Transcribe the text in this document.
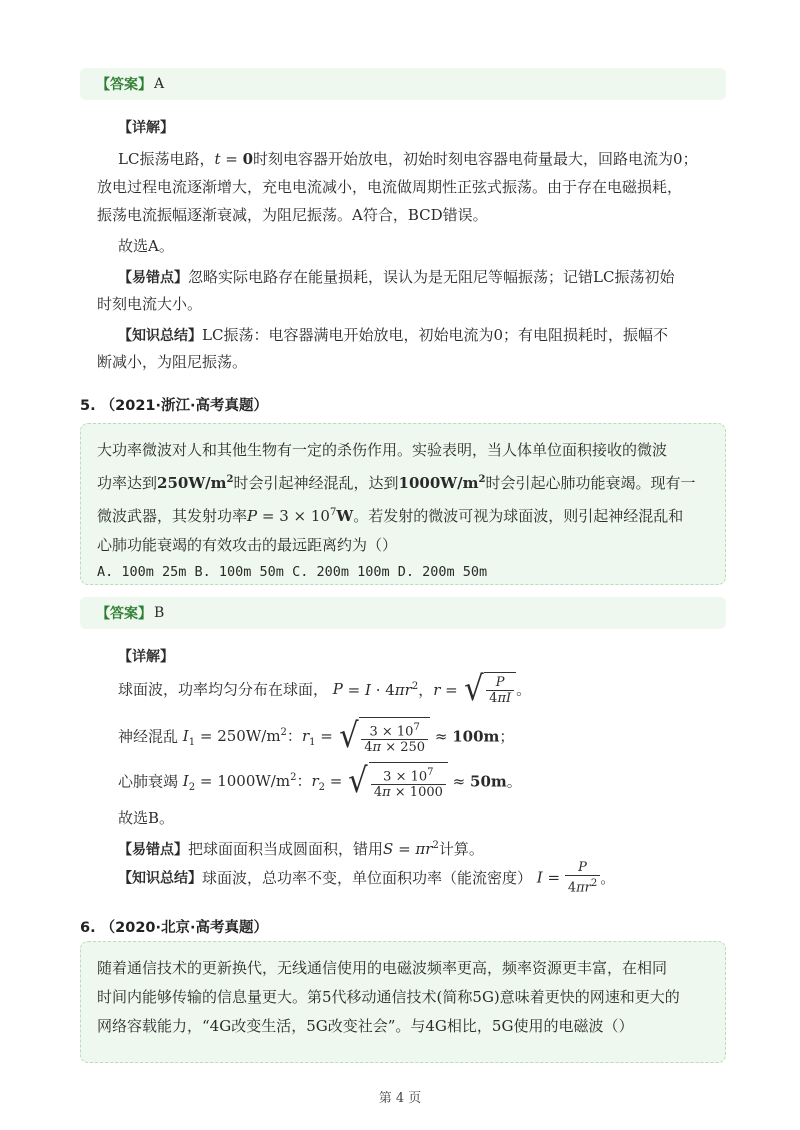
【答案】 A
【详解】
LC振荡电路，t = 0时刻电容器开始放电，初始时刻电容器电荷量最大，回路电流为0；
放电过程电流逐渐增大，充电电流减小，电流做周期性正弦式振荡。由于存在电磁损耗，
振荡电流振幅逐渐衰减，为阻尼振荡。A符合，BCD错误。
故选A。
【易错点】忽略实际电路存在能量损耗，误认为是无阻尼等幅振荡；记错LC振荡初始
时刻电流大小。
【知识总结】LC振荡：电容器满电开始放电，初始电流为0；有电阻损耗时，振幅不
断减小，为阻尼振荡。
5. （2021·浙江·高考真题）
大功率微波对人和其他生物有一定的杀伤作用。实验表明，当人体单位面积接收的微波
功率达到$250W/m^2$时会引起神经混乱，达到$1000W/m^2$时会引起心肺功能衰竭。现有一
微波武器，其发射功率$P = 3 \times 10^7W$。若发射的微波可视为球面波，则引起神经混乱和
心肺功能衰竭的有效攻击的最远距离约为（）
A. 100m 25m B. 100m 50m C. 200m 100m D. 200m 50m
【答案】 B
【详解】
球面波，功率均匀分布在球面， $P = I \cdot 4\pi r^2$，r = √ $\frac{P}{4\pi I}$ 。
神经混乱 $I_1 = 250W/m^2$：$r_1$ = √ $\frac{3 \times 10^7}{4\pi \times 250} \approx 100m$；
心肺衰竭 $I_2 = 1000W/m^2$：$r_2$ = √ $\frac{3 \times 10^7}{4\pi \times 1000} \approx 50m$。
故选B。
【易错点】把球面面积当成圆面积，错用$S = \pi r^2$计算。
【知识总结】球面波，总功率不变，单位面积功率（能流密度） $I = \frac{P}{4\pi r^2}$ 。
6. （2020·北京·高考真题）
随着通信技术的更新换代，无线通信使用的电磁波频率更高，频率资源更丰富，在相同
时间内能够传输的信息量更大。第5代移动通信技术(简称5G)意味着更快的网速和更大的
网络容载能力，“4G改变生活，5G改变社会”。与4G相比，5G使用的电磁波（）
第 4 页
